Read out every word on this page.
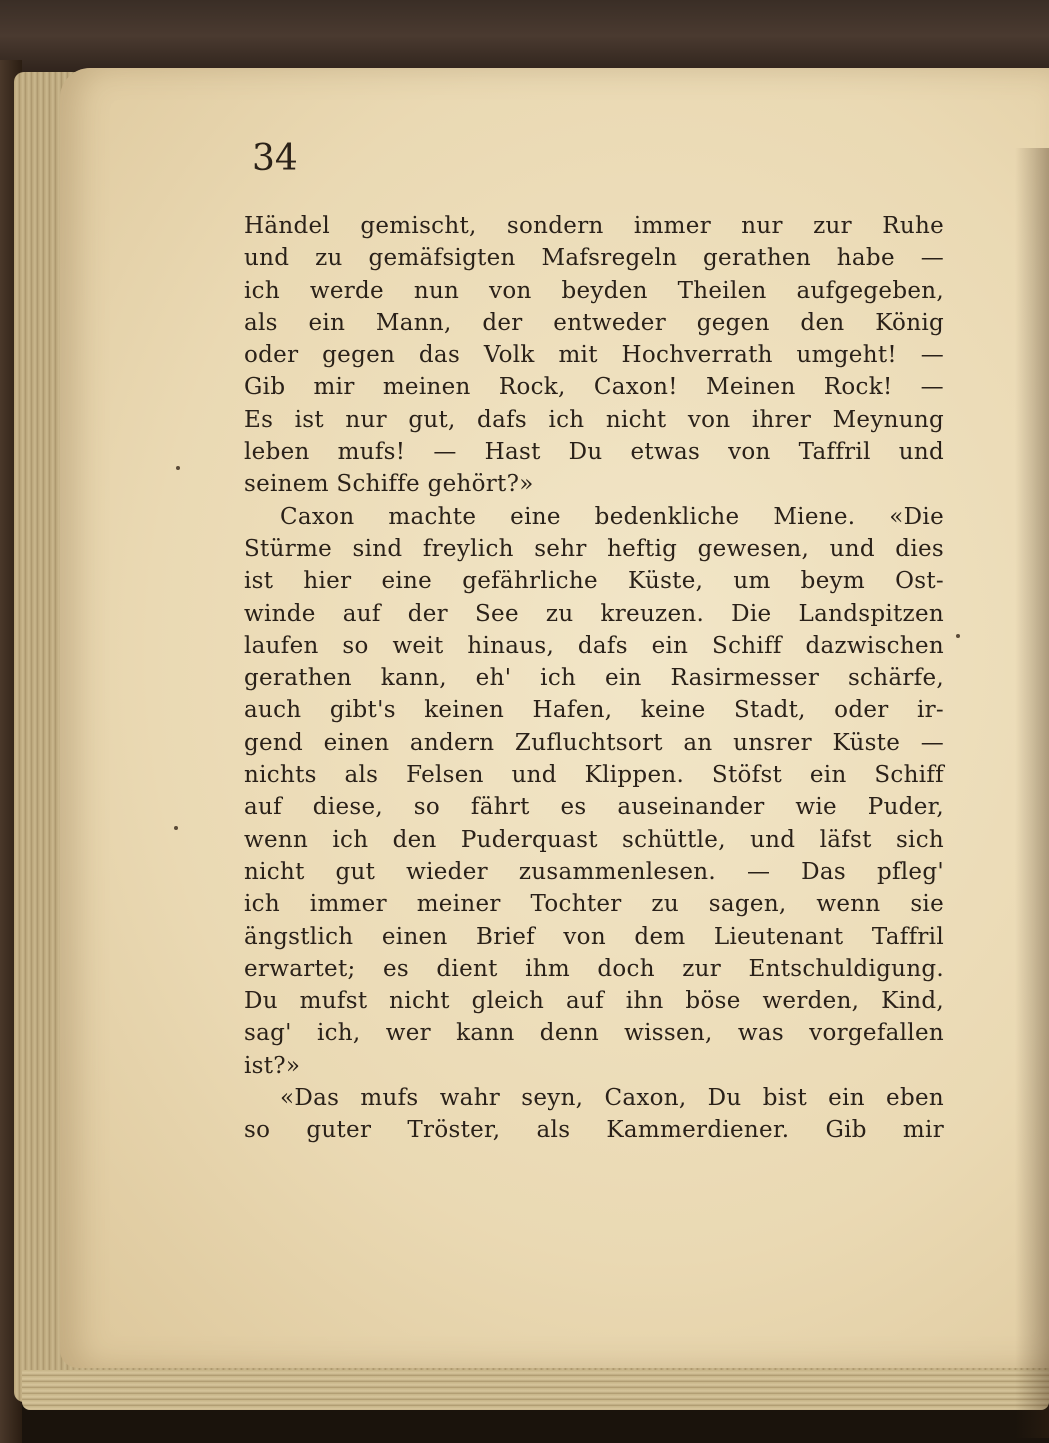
34
Händel gemischt, sondern immer nur zur Ruhe
und zu gemäfsigten Mafsregeln gerathen habe —
ich werde nun von beyden Theilen aufgegeben,
als ein Mann, der entweder gegen den König
oder gegen das Volk mit Hochverrath umgeht! —
Gib mir meinen Rock, Caxon! Meinen Rock! —
Es ist nur gut, dafs ich nicht von ihrer Meynung
leben mufs! — Hast Du etwas von Taffril und
seinem Schiffe gehört?»
Caxon machte eine bedenkliche Miene. «Die
Stürme sind freylich sehr heftig gewesen, und dies
ist hier eine gefährliche Küste, um beym Ost-
winde auf der See zu kreuzen. Die Landspitzen
laufen so weit hinaus, dafs ein Schiff dazwischen
gerathen kann, eh' ich ein Rasirmesser schärfe,
auch gibt's keinen Hafen, keine Stadt, oder ir-
gend einen andern Zufluchtsort an unsrer Küste —
nichts als Felsen und Klippen. Stöfst ein Schiff
auf diese, so fährt es auseinander wie Puder,
wenn ich den Puderquast schüttle, und läfst sich
nicht gut wieder zusammenlesen. — Das pfleg'
ich immer meiner Tochter zu sagen, wenn sie
ängstlich einen Brief von dem Lieutenant Taffril
erwartet; es dient ihm doch zur Entschuldigung.
Du mufst nicht gleich auf ihn böse werden, Kind,
sag' ich, wer kann denn wissen, was vorgefallen
ist?»
«Das mufs wahr seyn, Caxon, Du bist ein eben
so guter Tröster, als Kammerdiener. Gib mir
